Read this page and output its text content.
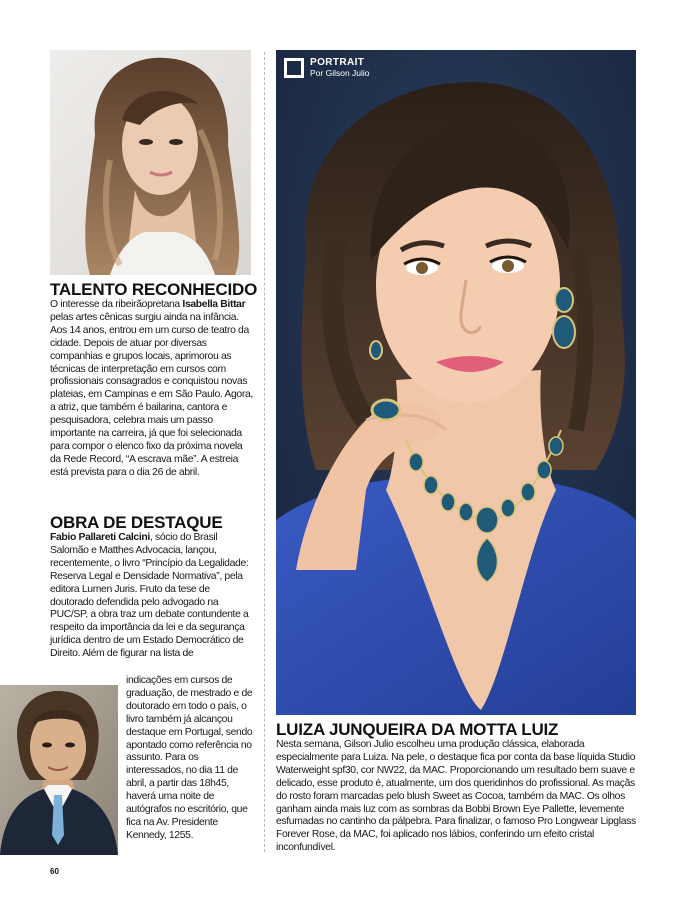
TALENTO RECONHECIDO

O interesse da ribeirãopretana Isabella Bittar pelas artes cênicas surgiu ainda na infância. Aos 14 anos, entrou em um curso de teatro da cidade. Depois de atuar por diversas companhias e grupos locais, aprimorou as técnicas de interpretação em cursos com profissionais consagrados e conquistou novas plateias, em Campinas e em São Paulo. Agora, a atriz, que também é bailarina, cantora e pesquisadora, celebra mais um passo importante na carreira, já que foi selecionada para compor o elenco fixo da próxima novela da Rede Record, “A escrava mãe”. A estreia está prevista para o dia 26 de abril.

OBRA DE DESTAQUE

Fabio Pallareti Calcini, sócio do Brasil Salomão e Matthes Advocacia, lançou, recentemente, o livro “Princípio da Legalidade: Reserva Legal e Densidade Normativa”, pela editora Lumen Juris. Fruto da tese de doutorado defendida pelo advogado na PUC/SP, a obra traz um debate contundente a respeito da importância da lei e da segurança jurídica dentro de um Estado Democrático de Direito. Além de figurar na lista de

indicações em cursos de graduação, de mestrado e de doutorado em todo o país, o livro também já alcançou destaque em Portugal, sendo apontado como referência no assunto. Para os interessados, no dia 11 de abril, a partir das 18h45, haverá uma noite de autógrafos no escritório, que fica na Av. Presidente Kennedy, 1255.

PORTRAIT
Por Gilson Julio
LUIZA JUNQUEIRA DA MOTTA LUIZ

Nesta semana, Gilson Julio escolheu uma produção clássica, elaborada especialmente para Luiza. Na pele, o destaque fica por conta da base líquida Studio Waterweight spf30, cor NW22, da MAC. Proporcionando um resultado bem suave e delicado, esse produto é, atualmente, um dos queridinhos do profissional. As maçãs do rosto foram marcadas pelo blush Sweet as Cocoa, também da MAC. Os olhos ganham ainda mais luz com as sombras da Bobbi Brown Eye Pallette, levemente esfumadas no cantinho da pálpebra. Para finalizar, o famoso Pro Longwear Lipglass Forever Rose, da MAC, foi aplicado nos lábios, conferindo um efeito cristal inconfundível.

60
